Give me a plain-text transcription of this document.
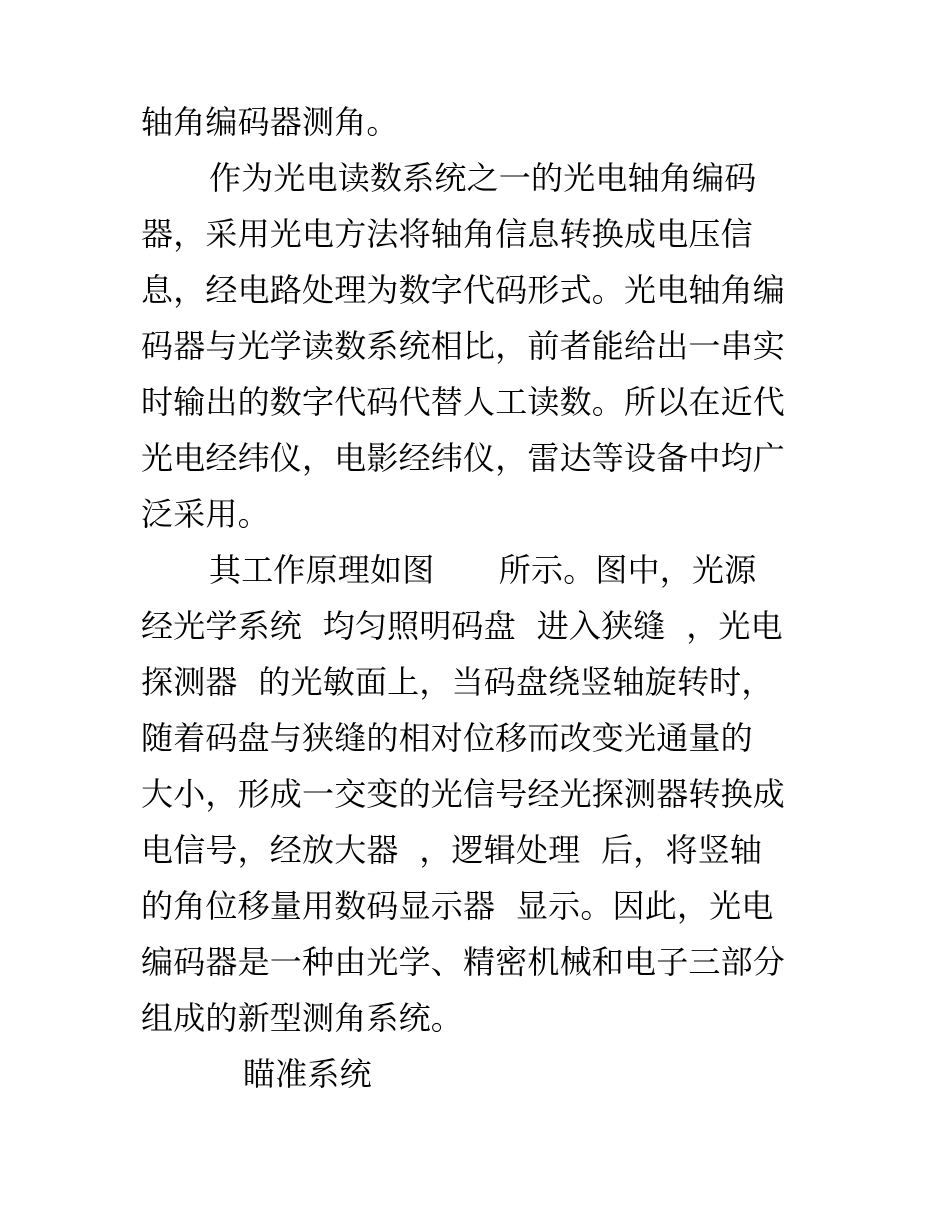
轴角编码器测角。
作为光电读数系统之一的光电轴角编码
器，采用光电方法将轴角信息转换成电压信
息，经电路处理为数字代码形式。光电轴角编
码器与光学读数系统相比，前者能给出一串实
时输出的数字代码代替人工读数。所以在近代
光电经纬仪，电影经纬仪，雷达等设备中均广
泛采用。
其工作原理如图　　所示。图中，光源
经光学系统  均匀照明码盘  进入狭缝  ，光电
探测器  的光敏面上，当码盘绕竖轴旋转时，
随着码盘与狭缝的相对位移而改变光通量的
大小，形成一交变的光信号经光探测器转换成
电信号，经放大器  ，逻辑处理  后，将竖轴
的角位移量用数码显示器  显示。因此，光电
编码器是一种由光学、精密机械和电子三部分
组成的新型测角系统。
瞄准系统
